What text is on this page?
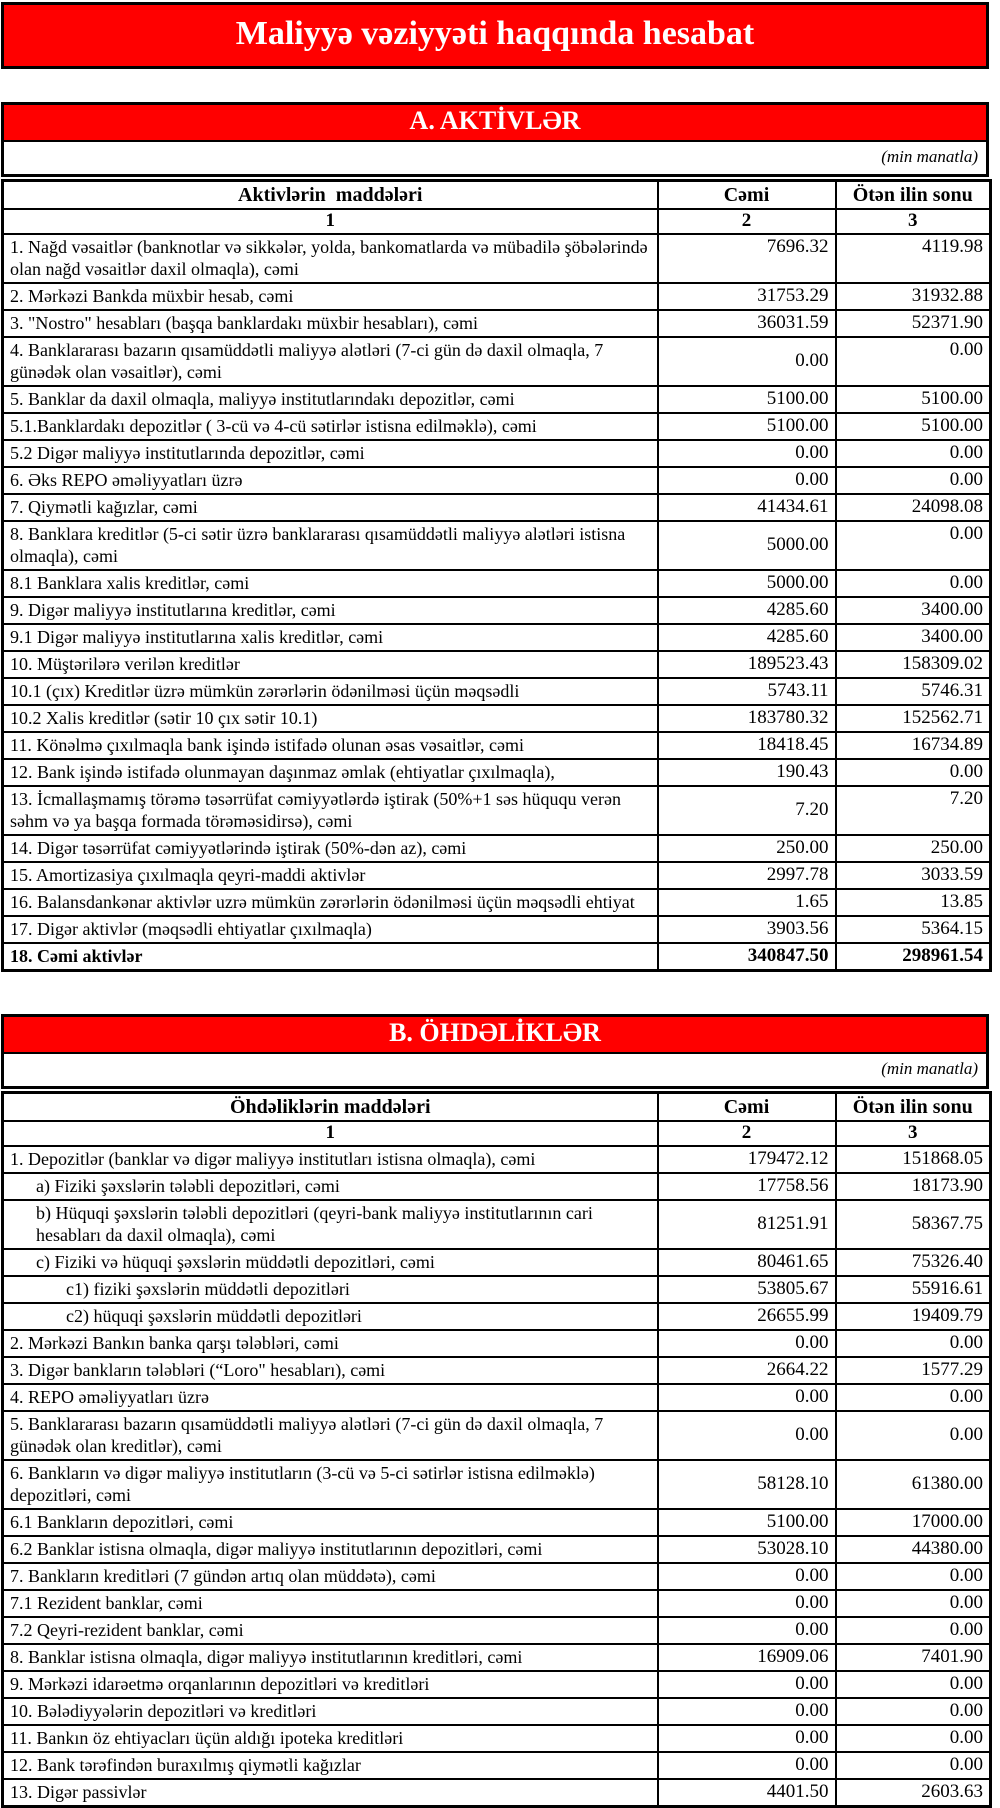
Maliyyə vəziyyəti haqqında hesabat
A. AKTİVLƏR
(min manatla)
Aktivlərin  maddələri	Cəmi	Ötən ilin sonu
1	2	3
1. Nağd vəsaitlər (banknotlar və sikkələr, yolda, bankomatlarda və mübadilə şöbələrində olan nağd vəsaitlər daxil olmaqla), cəmi	7696.32	4119.98
2. Mərkəzi Bankda müxbir hesab, cəmi	31753.29	31932.88
3. "Nostro" hesabları (başqa banklardakı müxbir hesabları), cəmi	36031.59	52371.90
4. Banklararası bazarın qısamüddətli maliyyə alətləri (7-ci gün də daxil olmaqla, 7 günədək olan vəsaitlər), cəmi	0.00	0.00
5. Banklar da daxil olmaqla, maliyyə institutlarındakı depozitlər, cəmi	5100.00	5100.00
5.1.Banklardakı depozitlər ( 3-cü və 4-cü sətirlər istisna edilməklə), cəmi	5100.00	5100.00
5.2 Digər maliyyə institutlarında depozitlər, cəmi	0.00	0.00
6. Əks REPO əməliyyatları üzrə	0.00	0.00
7. Qiymətli kağızlar, cəmi	41434.61	24098.08
8. Banklara kreditlər (5-ci sətir üzrə banklararası qısamüddətli maliyyə alətləri istisna olmaqla), cəmi	5000.00	0.00
8.1 Banklara xalis kreditlər, cəmi	5000.00	0.00
9. Digər maliyyə institutlarına kreditlər, cəmi	4285.60	3400.00
9.1 Digər maliyyə institutlarına xalis kreditlər, cəmi	4285.60	3400.00
10. Müştərilərə verilən kreditlər	189523.43	158309.02
10.1 (çıx) Kreditlər üzrə mümkün zərərlərin ödənilməsi üçün məqsədli	5743.11	5746.31
10.2 Xalis kreditlər (sətir 10 çıx sətir 10.1)	183780.32	152562.71
11. Könəlmə çıxılmaqla bank işində istifadə olunan əsas vəsaitlər, cəmi	18418.45	16734.89
12. Bank işində istifadə olunmayan daşınmaz əmlak (ehtiyatlar çıxılmaqla),	190.43	0.00
13. İcmallaşmamış törəmə təsərrüfat cəmiyyətlərdə iştirak (50%+1 səs hüququ verən səhm və ya başqa formada törəməsidirsə), cəmi	7.20	7.20
14. Digər təsərrüfat cəmiyyətlərində iştirak (50%-dən az), cəmi	250.00	250.00
15. Amortizasiya çıxılmaqla qeyri-maddi aktivlər	2997.78	3033.59
16. Balansdankənar aktivlər uzrə mümkün zərərlərin ödənilməsi üçün məqsədli ehtiyat	1.65	13.85
17. Digər aktivlər (məqsədli ehtiyatlar çıxılmaqla)	3903.56	5364.15
18. Cəmi aktivlər	340847.50	298961.54
B. ÖHDƏLİKLƏR
(min manatla)
Öhdəliklərin maddələri	Cəmi	Ötən ilin sonu
1	2	3
1. Depozitlər (banklar və digər maliyyə institutları istisna olmaqla), cəmi	179472.12	151868.05
a) Fiziki şəxslərin tələbli depozitləri, cəmi	17758.56	18173.90
b) Hüquqi şəxslərin tələbli depozitləri (qeyri-bank maliyyə institutlarının cari hesabları da daxil olmaqla), cəmi	81251.91	58367.75
c) Fiziki və hüquqi şəxslərin müddətli depozitləri, cəmi	80461.65	75326.40
c1) fiziki şəxslərin müddətli depozitləri	53805.67	55916.61
c2) hüquqi şəxslərin müddətli depozitləri	26655.99	19409.79
2. Mərkəzi Bankın banka qarşı tələbləri, cəmi	0.00	0.00
3. Digər bankların tələbləri (“Loro" hesabları), cəmi	2664.22	1577.29
4. REPO əməliyyatları üzrə	0.00	0.00
5. Banklararası bazarın qısamüddətli maliyyə alətləri (7-ci gün də daxil olmaqla, 7 günədək olan kreditlər), cəmi	0.00	0.00
6. Bankların və digər maliyyə institutların (3-cü və 5-ci sətirlər istisna edilməklə) depozitləri, cəmi	58128.10	61380.00
6.1 Bankların depozitləri, cəmi	5100.00	17000.00
6.2 Banklar istisna olmaqla, digər maliyyə institutlarının depozitləri, cəmi	53028.10	44380.00
7. Bankların kreditləri (7 gündən artıq olan müddətə), cəmi	0.00	0.00
7.1 Rezident banklar, cəmi	0.00	0.00
7.2 Qeyri-rezident banklar, cəmi	0.00	0.00
8. Banklar istisna olmaqla, digər maliyyə institutlarının kreditləri, cəmi	16909.06	7401.90
9. Mərkəzi idarəetmə orqanlarının depozitləri və kreditləri	0.00	0.00
10. Bələdiyyələrin depozitləri və kreditləri	0.00	0.00
11. Bankın öz ehtiyacları üçün aldığı ipoteka kreditləri	0.00	0.00
12. Bank tərəfindən buraxılmış qiymətli kağızlar	0.00	0.00
13. Digər passivlər	4401.50	2603.63
